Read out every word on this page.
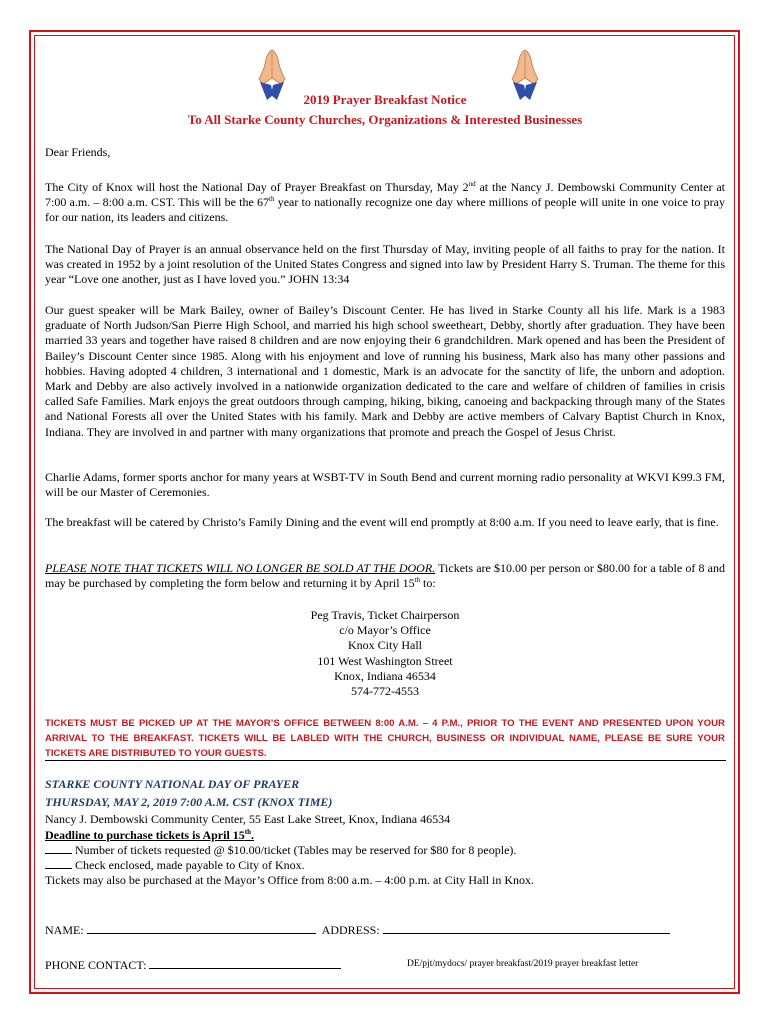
2019 Prayer Breakfast Notice
To All Starke County Churches, Organizations & Interested Businesses

Dear Friends,

The City of Knox will host the National Day of Prayer Breakfast on Thursday, May 2nd at the Nancy J. Dembowski Community Center at 7:00 a.m. – 8:00 a.m. CST. This will be the 67th year to nationally recognize one day where millions of people will unite in one voice to pray for our nation, its leaders and citizens.

The National Day of Prayer is an annual observance held on the first Thursday of May, inviting people of all faiths to pray for the nation. It was created in 1952 by a joint resolution of the United States Congress and signed into law by President Harry S. Truman. The theme for this year “Love one another, just as I have loved you.” JOHN 13:34

Our guest speaker will be Mark Bailey, owner of Bailey’s Discount Center. He has lived in Starke County all his life. Mark is a 1983 graduate of North Judson/San Pierre High School, and married his high school sweetheart, Debby, shortly after graduation. They have been married 33 years and together have raised 8 children and are now enjoying their 6 grandchildren. Mark opened and has been the President of Bailey’s Discount Center since 1985. Along with his enjoyment and love of running his business, Mark also has many other passions and hobbies. Having adopted 4 children, 3 international and 1 domestic, Mark is an advocate for the sanctity of life, the unborn and adoption. Mark and Debby are also actively involved in a nationwide organization dedicated to the care and welfare of children of families in crisis called Safe Families. Mark enjoys the great outdoors through camping, hiking, biking, canoeing and backpacking through many of the States and National Forests all over the United States with his family. Mark and Debby are active members of Calvary Baptist Church in Knox, Indiana. They are involved in and partner with many organizations that promote and preach the Gospel of Jesus Christ.

Charlie Adams, former sports anchor for many years at WSBT-TV in South Bend and current morning radio personality at WKVI K99.3 FM, will be our Master of Ceremonies.

The breakfast will be catered by Christo’s Family Dining and the event will end promptly at 8:00 a.m. If you need to leave early, that is fine.

PLEASE NOTE THAT TICKETS WILL NO LONGER BE SOLD AT THE DOOR. Tickets are $10.00 per person or $80.00 for a table of 8 and may be purchased by completing the form below and returning it by April 15th to:

Peg Travis, Ticket Chairperson
c/o Mayor’s Office
Knox City Hall
101 West Washington Street
Knox, Indiana 46534
574-772-4553

TICKETS MUST BE PICKED UP AT THE MAYOR’S OFFICE BETWEEN 8:00 A.M. – 4 P.M., PRIOR TO THE EVENT AND PRESENTED UPON YOUR ARRIVAL TO THE BREAKFAST. TICKETS WILL BE LABLED WITH THE CHURCH, BUSINESS OR INDIVIDUAL NAME, PLEASE BE SURE YOUR TICKETS ARE DISTRIBUTED TO YOUR GUESTS.

STARKE COUNTY NATIONAL DAY OF PRAYER
THURSDAY, MAY 2, 2019 7:00 A.M. CST (KNOX TIME)
Nancy J. Dembowski Community Center, 55 East Lake Street, Knox, Indiana 46534
Deadline to purchase tickets is April 15th.
Number of tickets requested @ $10.00/ticket (Tables may be reserved for $80 for 8 people).
Check enclosed, made payable to City of Knox.
Tickets may also be purchased at the Mayor’s Office from 8:00 a.m. – 4:00 p.m. at City Hall in Knox.
NAME:	ADDRESS:
PHONE CONTACT:	DE/pjt/mydocs/ prayer breakfast/2019 prayer breakfast letter
